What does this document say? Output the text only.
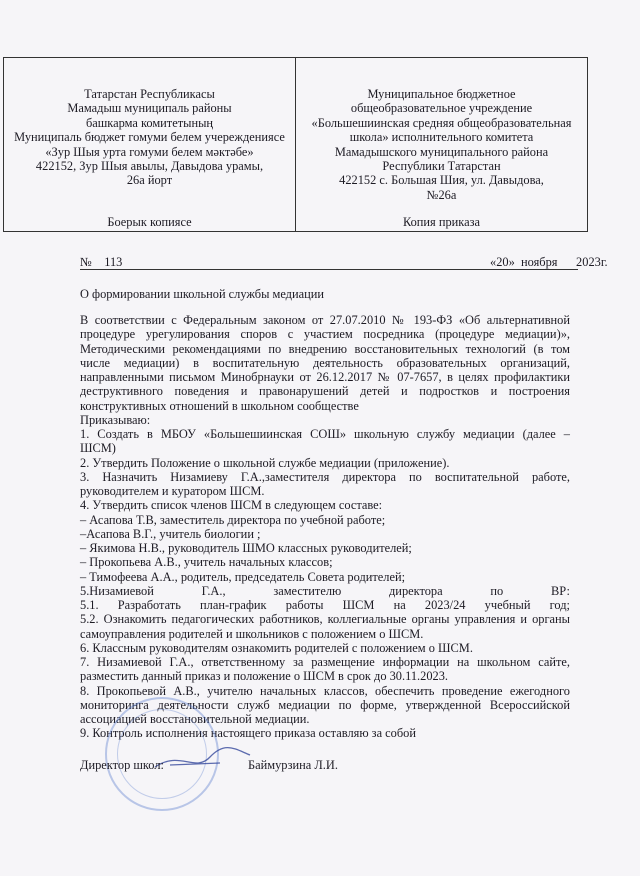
Татарстан Республикасы
Мамадыш муниципаль районы
башкарма комитетының
Муниципаль бюджет гомуми белем учереждениясе
«Зур Шыя урта гомуми белем мәктәбе»
422152, Зур Шыя авылы, Давыдова урамы,
26а йорт
Боерык копиясе
Муниципальное бюджетное
общеобразовательное учреждение
«Большешиинская средняя общеобразовательная
школа» исполнительного комитета
Мамадышского муниципального района
Республики Татарстан
422152 с. Большая Шия, ул. Давыдова,
№26а
Копия приказа
№    113	«20»  ноября      2023г.
О формировании школьной службы медиации
В соответствии с Федеральным законом от 27.07.2010 № 193-ФЗ «Об альтернативной
процедуре урегулирования споров с участием посредника (процедуре медиации)»,
Методическими рекомендациями по внедрению восстановительных технологий (в том
числе медиации) в воспитательную деятельность образовательных организаций,
направленными письмом Минобрнауки от 26.12.2017 № 07-7657, в целях профилактики
деструктивного поведения и правонарушений детей и подростков и построения
конструктивных отношений в школьном сообществе
Приказываю:
1. Создать в МБОУ «Большешиинская СОШ» школьную службу медиации (далее –
ШСМ)
2. Утвердить Положение о школьной службе медиации (приложение).
3. Назначить Низамиеву Г.А.,заместителя директора по воспитательной работе,
руководителем и куратором ШСМ.
4. Утвердить список членов ШСМ в следующем составе:
– Асапова Т.В, заместитель директора по учебной работе;
–Асапова В.Г., учитель биологии ;
– Якимова Н.В., руководитель ШМО классных руководителей;
– Прокопьева А.В., учитель начальных классов;
– Тимофеева А.А., родитель, председатель Совета родителей;
5.Низамиевой Г.А., заместителю директора по ВР:
5.1. Разработать план-график работы ШСМ на 2023/24 учебный год;
5.2. Ознакомить педагогических работников, коллегиальные органы управления и органы
самоуправления родителей и школьников с положением о ШСМ.
6. Классным руководителям ознакомить родителей с положением о ШСМ.
7. Низамиевой Г.А., ответственному за размещение информации на школьном сайте,
разместить данный приказ и положение о ШСМ в срок до 30.11.2023.
8. Прокопьевой А.В., учителю начальных классов, обеспечить проведение ежегодного
мониторинга деятельности служб медиации по форме, утвержденной Всероссийской
ассоциацией восстановительной медиации.
9. Контроль исполнения настоящего приказа оставляю за собой
Директор школ:	Баймурзина Л.И.
